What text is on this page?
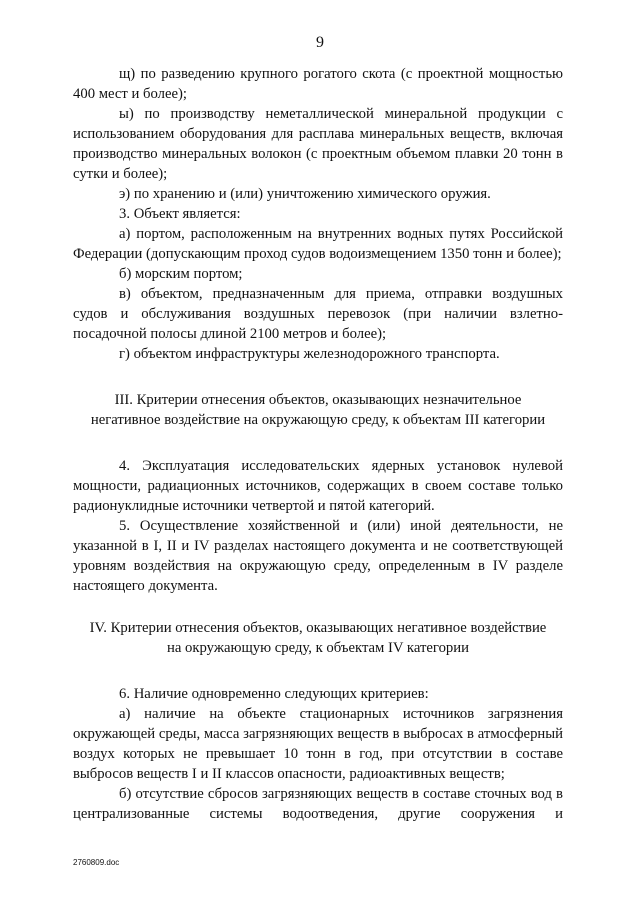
9

щ) по разведению крупного рогатого скота (с проектной мощностью 400 мест и более);

ы) по производству неметаллической минеральной продукции с использованием оборудования для расплава минеральных веществ, включая производство минеральных волокон (с проектным объемом плавки 20 тонн в сутки и более);

э) по хранению и (или) уничтожению химического оружия.

3. Объект является:

а) портом, расположенным на внутренних водных путях Российской Федерации (допускающим проход судов водоизмещением 1350 тонн и более);

б) морским портом;

в) объектом, предназначенным для приема, отправки воздушных судов и обслуживания воздушных перевозок (при наличии взлетно-посадочной полосы длиной 2100 метров и более);

г) объектом инфраструктуры железнодорожного транспорта.

III. Критерии отнесения объектов, оказывающих незначительное

негативное воздействие на окружающую среду, к объектам III категории

4. Эксплуатация исследовательских ядерных установок нулевой мощности, радиационных источников, содержащих в своем составе только радионуклидные источники четвертой и пятой категорий.

5. Осуществление хозяйственной и (или) иной деятельности, не указанной в I, II и IV разделах настоящего документа и не соответствующей уровням воздействия на окружающую среду, определенным в IV разделе настоящего документа.

IV. Критерии отнесения объектов, оказывающих негативное воздействие

на окружающую среду, к объектам IV категории

6. Наличие одновременно следующих критериев:

а) наличие на объекте стационарных источников загрязнения окружающей среды, масса загрязняющих веществ в выбросах в атмосферный воздух которых не превышает 10 тонн в год, при отсутствии в составе выбросов веществ I и II классов опасности, радиоактивных веществ;

б) отсутствие сбросов загрязняющих веществ в составе сточных вод в централизованные системы водоотведения, другие сооружения и

2760809.doc
